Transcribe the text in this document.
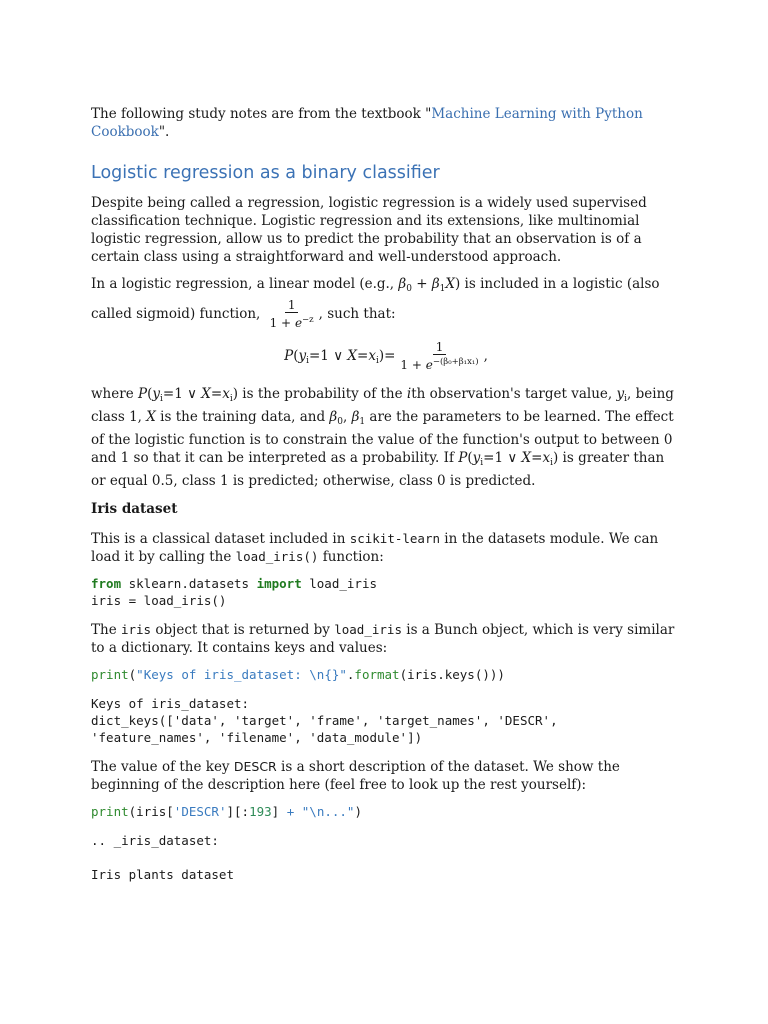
The following study notes are from the textbook "Machine Learning with Python Cookbook".

Logistic regression as a binary classifier

Despite being called a regression, logistic regression is a widely used supervised classification technique. Logistic regression and its extensions, like multinomial logistic regression, allow us to predict the probability that an observation is of a certain class using a straightforward and well-understood approach.

In a logistic regression, a linear model (e.g., $\beta_0 + \beta_1X$) is included in a logistic (also called sigmoid) function, $\frac{1}{1 + e^{-z}}$ , such that:

$P(y_i=1$ ∨ $X=x_i)= \frac{1}{1 + e^{-(\beta_0+\beta_1x_1)}}$ ,

where $P(y_i=1$ ∨ $X=x_i$) is the probability of the ith observation's target value, $y_i$, being class 1, X is the training data, and $\beta_0$, $\beta_1$ are the parameters to be learned. The effect of the logistic function is to constrain the value of the function's output to between 0 and 1 so that it can be interpreted as a probability. If $P(y_i=1$ ∨ $X=x_i$) is greater than or equal 0.5, class 1 is predicted; otherwise, class 0 is predicted.

Iris dataset

This is a classical dataset included in scikit-learn in the datasets module. We can load it by calling the load_iris() function:

from sklearn.datasets import load_iris
iris = load_iris()

The iris object that is returned by load_iris is a Bunch object, which is very similar to a dictionary. It contains keys and values:

print("Keys of iris_dataset: \n{}".format(iris.keys()))
Keys of iris_dataset:
dict_keys(['data', 'target', 'frame', 'target_names', 'DESCR',
'feature_names', 'filename', 'data_module'])

The value of the key DESCR is a short description of the dataset. We show the beginning of the description here (feel free to look up the rest yourself):

print(iris['DESCR'][:193] + "\n...")
.. _iris_dataset:

Iris plants dataset
